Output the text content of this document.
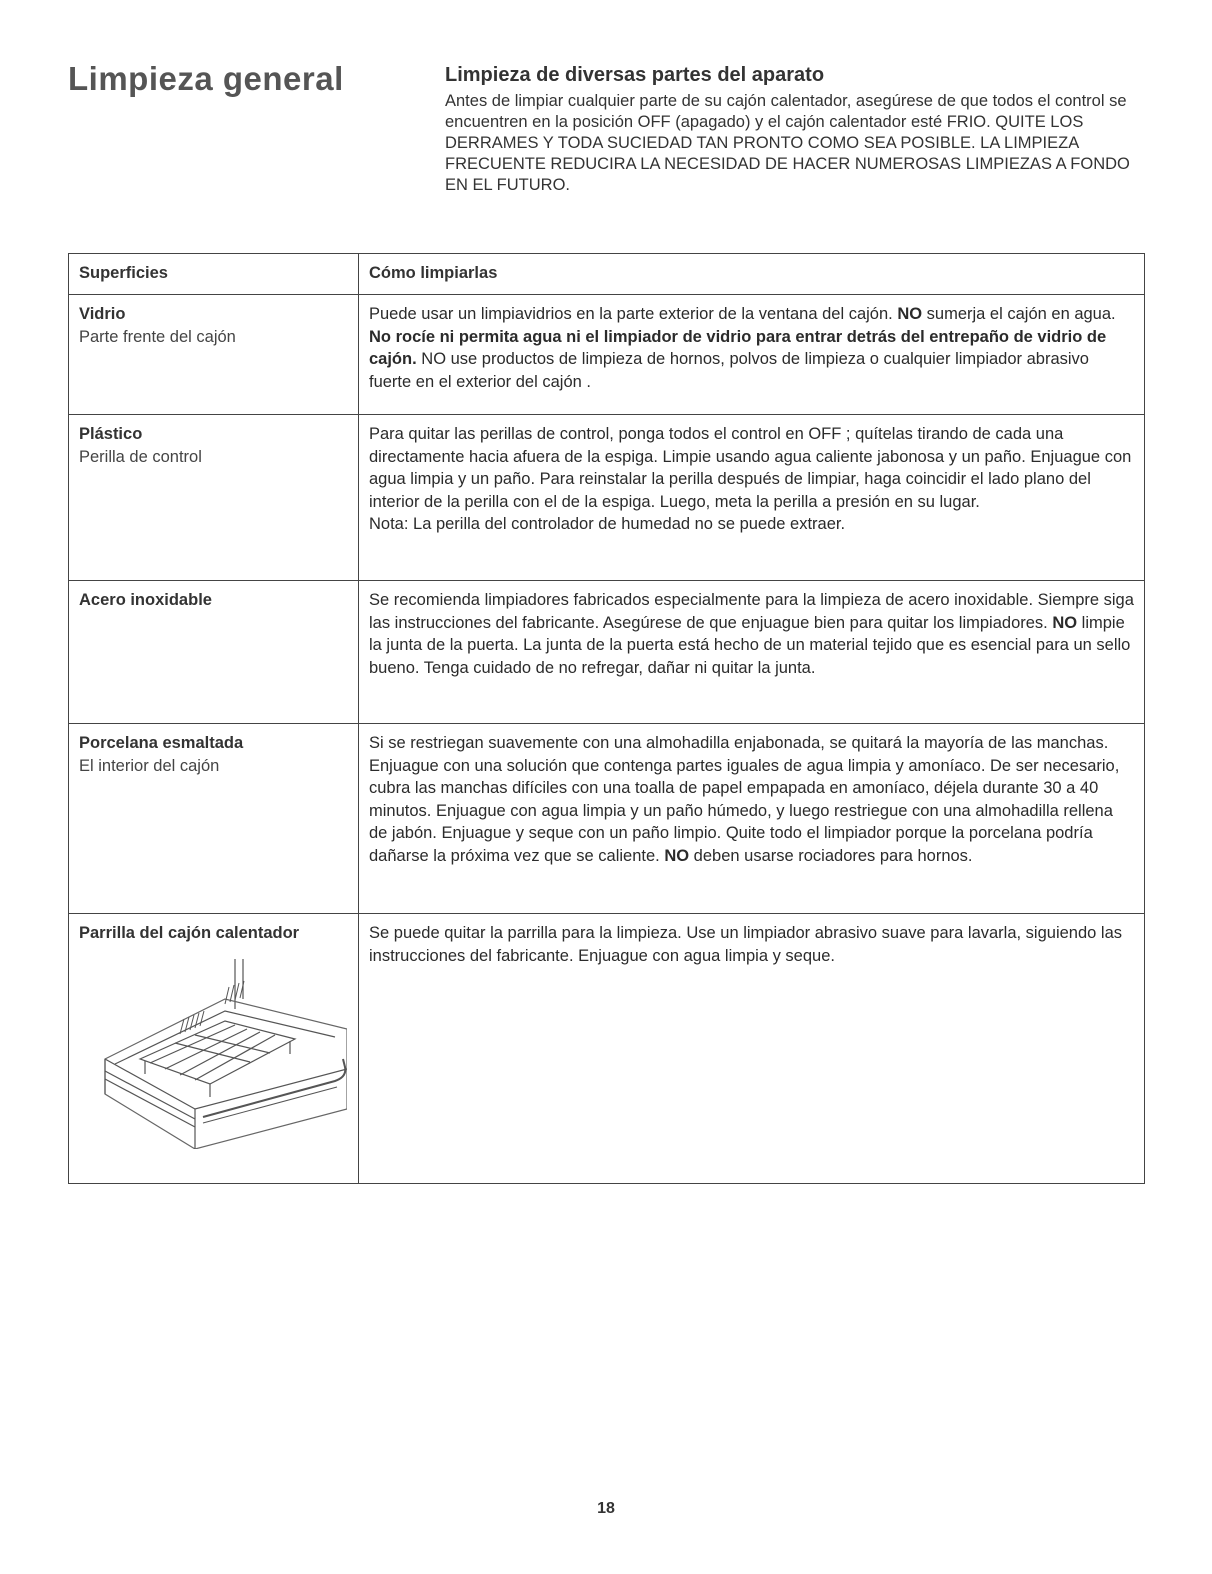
Limpieza general	Limpieza de diversas partes del aparato

Antes de limpiar cualquier parte de su cajón calentador, asegúrese de que todos el control se encuentren en la posición OFF (apagado) y el cajón calentador esté FRIO. QUITE LOS DERRAMES Y TODA SUCIEDAD TAN PRONTO COMO SEA POSIBLE. LA LIMPIEZA FRECUENTE REDUCIRA LA NECESIDAD DE HACER NUMEROSAS LIMPIEZAS A FONDO EN EL FUTURO.

Superficies	Cómo limpiarlas

Vidrio
Parte frente del cajón	Puede usar un limpiavidrios en la parte exterior de la ventana del cajón. NO sumerja el cajón en agua. No rocíe ni permita agua ni el limpiador de vidrio para entrar detrás del entrepaño de vidrio de cajón. NO use productos de limpieza de hornos, polvos de limpieza o cualquier limpiador abrasivo fuerte en el exterior del cajón .

Plástico
Perilla de control	Para quitar las perillas de control, ponga todos el control en OFF ; quítelas tirando de cada una directamente hacia afuera de la espiga. Limpie usando agua caliente jabonosa y un paño. Enjuague con agua limpia y un paño. Para reinstalar la perilla después de limpiar, haga coincidir el lado plano del interior de la perilla con el de la espiga. Luego, meta la perilla a presión en su lugar.
Nota: La perilla del controlador de humedad no se puede extraer.

Acero inoxidable	Se recomienda limpiadores fabricados especialmente para la limpieza de acero inoxidable. Siempre siga las instrucciones del fabricante. Asegúrese de que enjuague bien para quitar los limpiadores. NO limpie la junta de la puerta. La junta de la puerta está hecho de un material tejido que es esencial para un sello bueno. Tenga cuidado de no refregar, dañar ni quitar la junta.

Porcelana esmaltada
El interior del cajón	Si se restriegan suavemente con una almohadilla enjabonada, se quitará la mayoría de las manchas. Enjuague con una solución que contenga partes iguales de agua limpia y amoníaco. De ser necesario, cubra las manchas difíciles con una toalla de papel empapada en amoníaco, déjela durante 30 a 40 minutos. Enjuague con agua limpia y un paño húmedo, y luego restriegue con una almohadilla rellena de jabón. Enjuague y seque con un paño limpio. Quite todo el limpiador porque la porcelana podría dañarse la próxima vez que se caliente. NO deben usarse rociadores para hornos.

Parrilla del cajón calentador	Se puede quitar la parrilla para la limpieza. Use un limpiador abrasivo suave para lavarla, siguiendo las instrucciones del fabricante. Enjuague con agua limpia y seque.
18
